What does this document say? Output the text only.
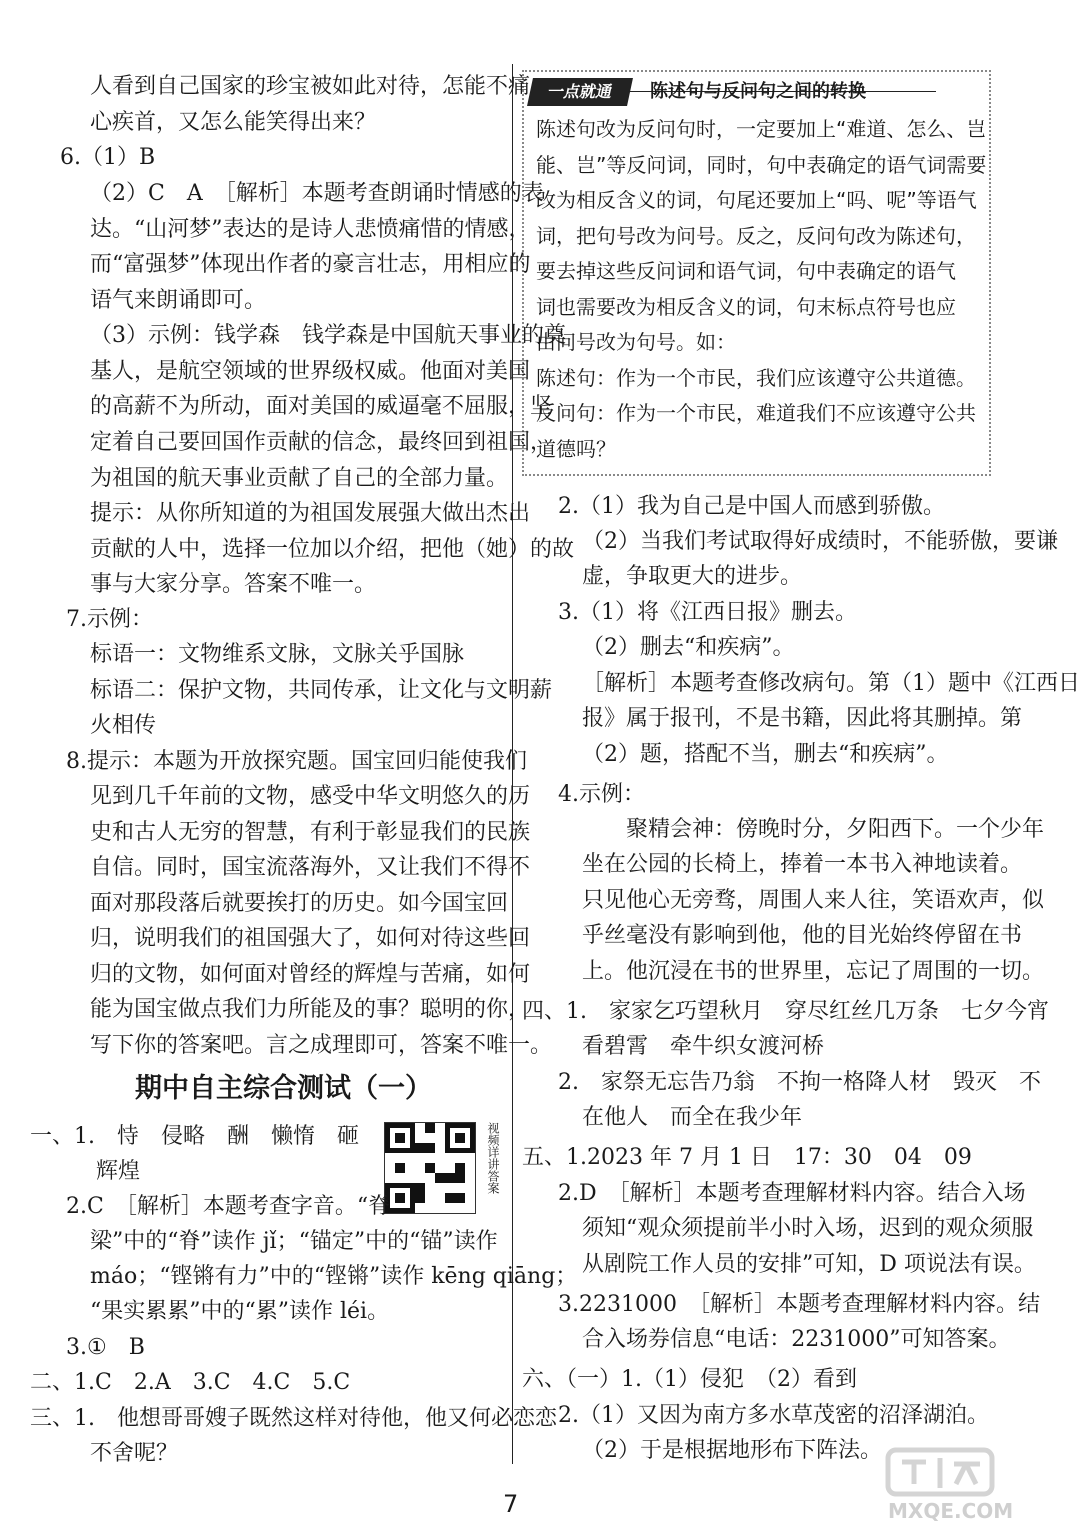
一点就通	陈述句与反问句之间的转换
陈述句改为反问句时，一定要加上“难道、怎么、岂
能、岂”等反问词，同时，句中表确定的语气词需要
改为相反含义的词，句尾还要加上“吗、呢”等语气
词，把句号改为问号。反之，反问句改为陈述句，
要去掉这些反问词和语气词，句中表确定的语气
词也需要改为相反含义的词，句末标点符号也应
由问号改为句号。如：
陈述句：作为一个市民，我们应该遵守公共道德。
反问句：作为一个市民，难道我们不应该遵守公共
道德吗？
期中自主综合测试（一）
视频详讲答案
7	MXQE.COM
人看到自己国家的珍宝被如此对待，怎能不痛
心疾首，又怎么能笑得出来？
6.（1）B
（2）C　A　［解析］本题考查朗诵时情感的表
达。“山河梦”表达的是诗人悲愤痛惜的情感，
而“富强梦”体现出作者的豪言壮志，用相应的
语气来朗诵即可。
（3）示例：钱学森　钱学森是中国航天事业的奠
基人，是航空领域的世界级权威。他面对美国
的高薪不为所动，面对美国的威逼毫不屈服，坚
定着自己要回国作贡献的信念，最终回到祖国，
为祖国的航天事业贡献了自己的全部力量。
提示：从你所知道的为祖国发展强大做出杰出
贡献的人中，选择一位加以介绍，把他（她）的故
事与大家分享。答案不唯一。
7.示例：
标语一：文物维系文脉，文脉关乎国脉
标语二：保护文物，共同传承，让文化与文明薪
火相传
8.提示：本题为开放探究题。国宝回归能使我们
见到几千年前的文物，感受中华文明悠久的历
史和古人无穷的智慧，有利于彰显我们的民族
自信。同时，国宝流落海外，又让我们不得不
面对那段落后就要挨打的历史。如今国宝回
归，说明我们的祖国强大了，如何对待这些回
归的文物，如何面对曾经的辉煌与苦痛，如何
能为国宝做点我们力所能及的事？聪明的你，
写下你的答案吧。言之成理即可，答案不唯一。
一、1.　恃　侵略　酬　懒惰　砸
辉煌
2.C　［解析］本题考查字音。“脊
梁”中的“脊”读作 jǐ；“锚定”中的“锚”读作
máo；“铿锵有力”中的“铿锵”读作 kēng qiāng；
“果实累累”中的“累”读作 léi。
3.①　B
二、1.C　2.A　3.C　4.C　5.C
三、1.　他想哥哥嫂子既然这样对待他，他又何必恋恋
不舍呢？
2.（1）我为自己是中国人而感到骄傲。
（2）当我们考试取得好成绩时，不能骄傲，要谦
虚，争取更大的进步。
3.（1）将《江西日报》删去。
（2）删去“和疾病”。
［解析］本题考查修改病句。第（1）题中《江西日
报》属于报刊，不是书籍，因此将其删掉。第
（2）题，搭配不当，删去“和疾病”。
4.示例：
聚精会神：傍晚时分，夕阳西下。一个少年
坐在公园的长椅上，捧着一本书入神地读着。
只见他心无旁骛，周围人来人往，笑语欢声，似
乎丝毫没有影响到他，他的目光始终停留在书
上。他沉浸在书的世界里，忘记了周围的一切。
四、1.　家家乞巧望秋月　穿尽红丝几万条　七夕今宵
看碧霄　牵牛织女渡河桥
2.　家祭无忘告乃翁　不拘一格降人材　毁灭　不
在他人　而全在我少年
五、1.2023 年 7 月 1 日　17：30　04　09
2.D　［解析］本题考查理解材料内容。结合入场
须知“观众须提前半小时入场，迟到的观众须服
从剧院工作人员的安排”可知，D 项说法有误。
3.2231000　［解析］本题考查理解材料内容。结
合入场券信息“电话：2231000”可知答案。
六、（一）1.（1）侵犯　（2）看到
2.（1）又因为南方多水草茂密的沼泽湖泊。
（2）于是根据地形布下阵法。
